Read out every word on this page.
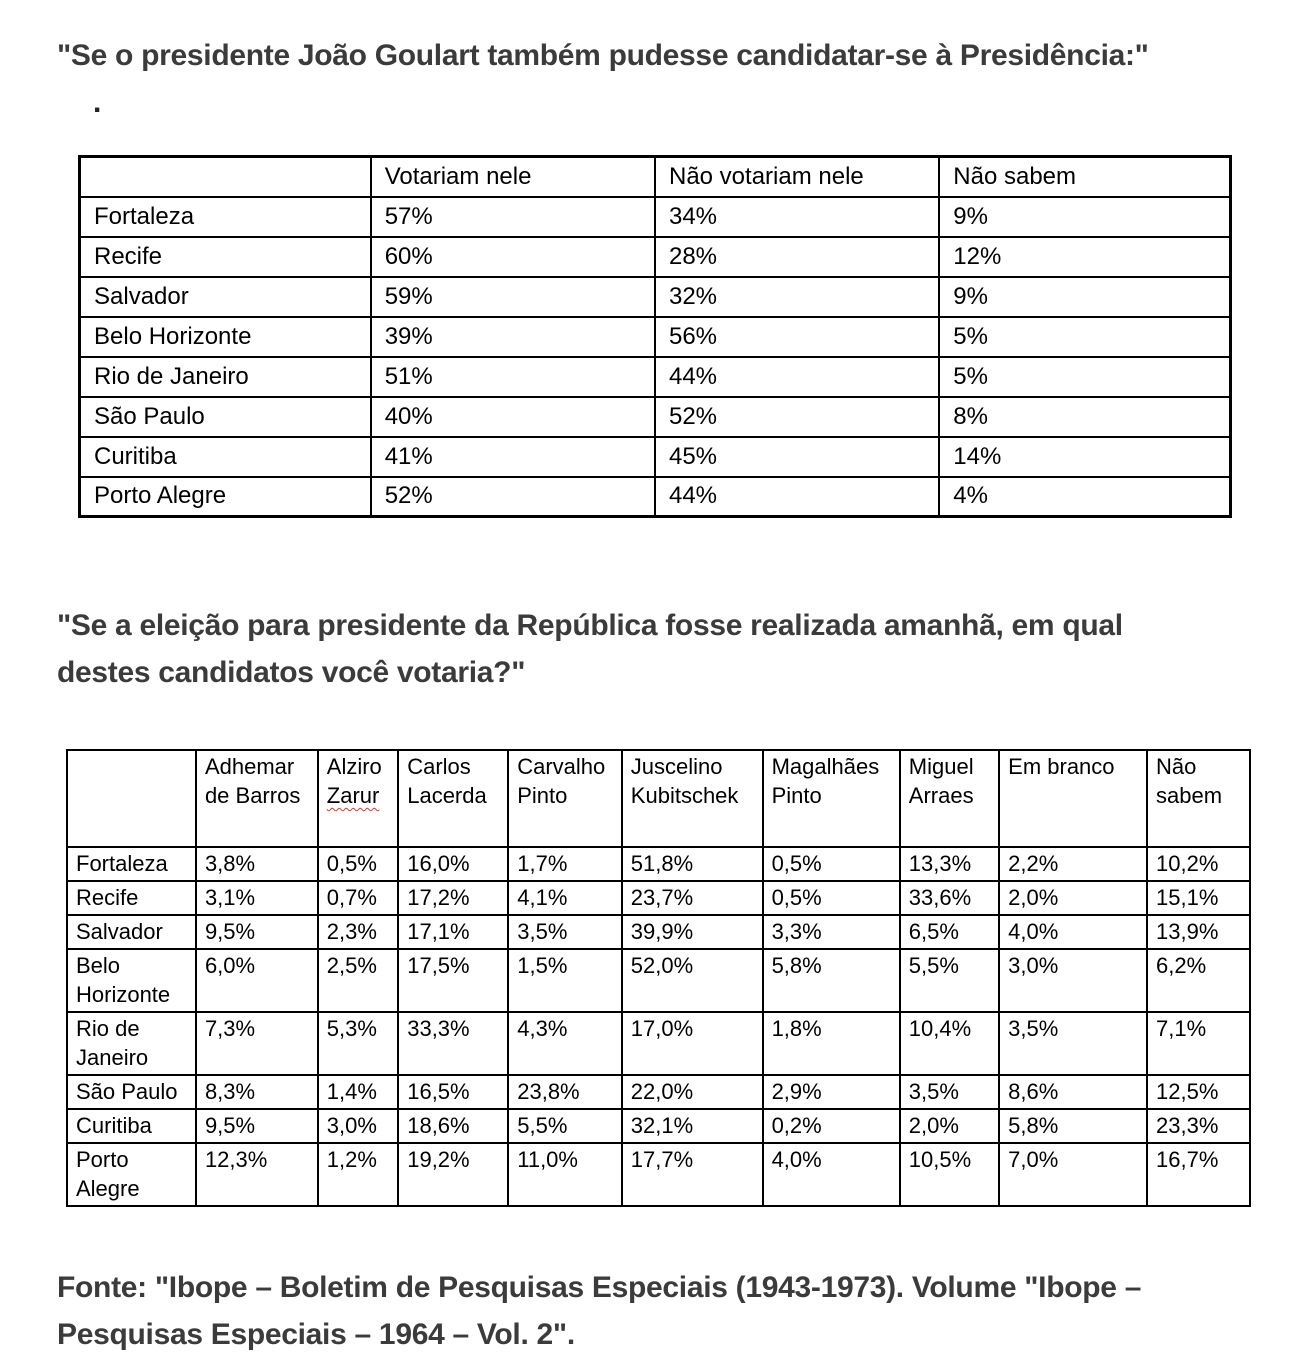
"Se o presidente João Goulart também pudesse candidatar-se à Presidência:"
.
	Votariam nele	Não votariam nele	Não sabem
Fortaleza	57%	34%	9%
Recife	60%	28%	12%
Salvador	59%	32%	9%
Belo Horizonte	39%	56%	5%
Rio de Janeiro	51%	44%	5%
São Paulo	40%	52%	8%
Curitiba	41%	45%	14%
Porto Alegre	52%	44%	4%
"Se a eleição para presidente da República fosse realizada amanhã, em qual
destes candidatos você votaria?"
	Adhemar de Barros	Alziro Zarur	Carlos Lacerda	Carvalho Pinto	Juscelino Kubitschek	Magalhães Pinto	Miguel Arraes	Em branco	Não sabem
Fortaleza	3,8%	0,5%	16,0%	1,7%	51,8%	0,5%	13,3%	2,2%	10,2%
Recife	3,1%	0,7%	17,2%	4,1%	23,7%	0,5%	33,6%	2,0%	15,1%
Salvador	9,5%	2,3%	17,1%	3,5%	39,9%	3,3%	6,5%	4,0%	13,9%
Belo Horizonte	6,0%	2,5%	17,5%	1,5%	52,0%	5,8%	5,5%	3,0%	6,2%
Rio de Janeiro	7,3%	5,3%	33,3%	4,3%	17,0%	1,8%	10,4%	3,5%	7,1%
São Paulo	8,3%	1,4%	16,5%	23,8%	22,0%	2,9%	3,5%	8,6%	12,5%
Curitiba	9,5%	3,0%	18,6%	5,5%	32,1%	0,2%	2,0%	5,8%	23,3%
Porto Alegre	12,3%	1,2%	19,2%	11,0%	17,7%	4,0%	10,5%	7,0%	16,7%

Fonte: "Ibope – Boletim de Pesquisas Especiais (1943-1973). Volume "Ibope –
Pesquisas Especiais – 1964 – Vol. 2".
